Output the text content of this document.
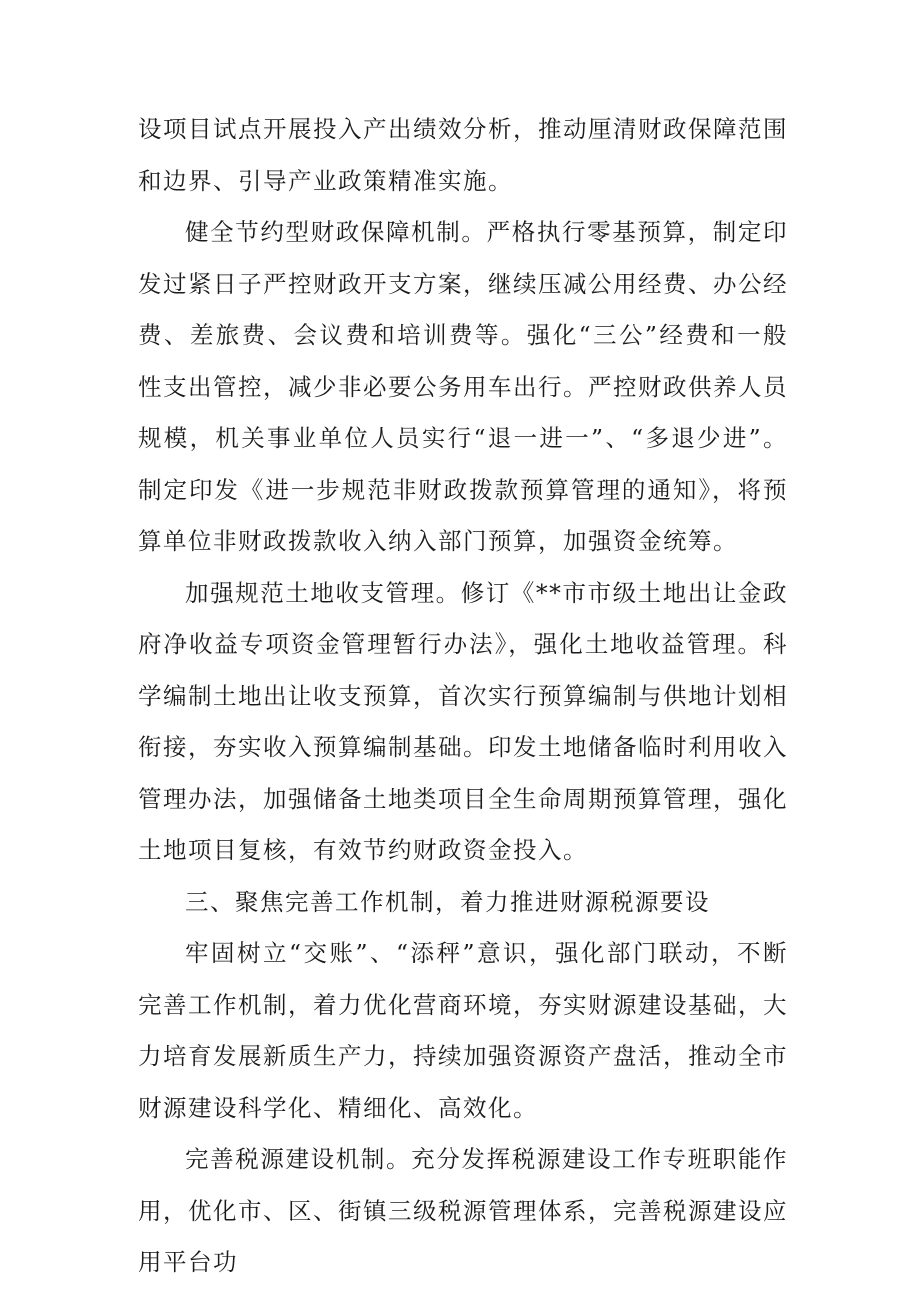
设项目试点开展投入产出绩效分析，推动厘清财政保障范围和边界、引导产业政策精准实施。

健全节约型财政保障机制。严格执行零基预算，制定印发过紧日子严控财政开支方案，继续压减公用经费、办公经费、差旅费、会议费和培训费等。强化“三公”经费和一般性支出管控，减少非必要公务用车出行。严控财政供养人员规模，机关事业单位人员实行“退一进一”、“多退少进”。制定印发《进一步规范非财政拨款预算管理的通知》，将预算单位非财政拨款收入纳入部门预算，加强资金统筹。

加强规范土地收支管理。修订《**市市级土地出让金政府净收益专项资金管理暂行办法》，强化土地收益管理。科学编制土地出让收支预算，首次实行预算编制与供地计划相衔接，夯实收入预算编制基础。印发土地储备临时利用收入管理办法，加强储备土地类项目全生命周期预算管理，强化土地项目复核，有效节约财政资金投入。

三、聚焦完善工作机制，着力推进财源税源要设

牢固树立“交账”、“添秤”意识，强化部门联动，不断完善工作机制，着力优化营商环境，夯实财源建设基础，大力培育发展新质生产力，持续加强资源资产盘活，推动全市财源建设科学化、精细化、高效化。

完善税源建设机制。充分发挥税源建设工作专班职能作用，优化市、区、街镇三级税源管理体系，完善税源建设应用平台功
